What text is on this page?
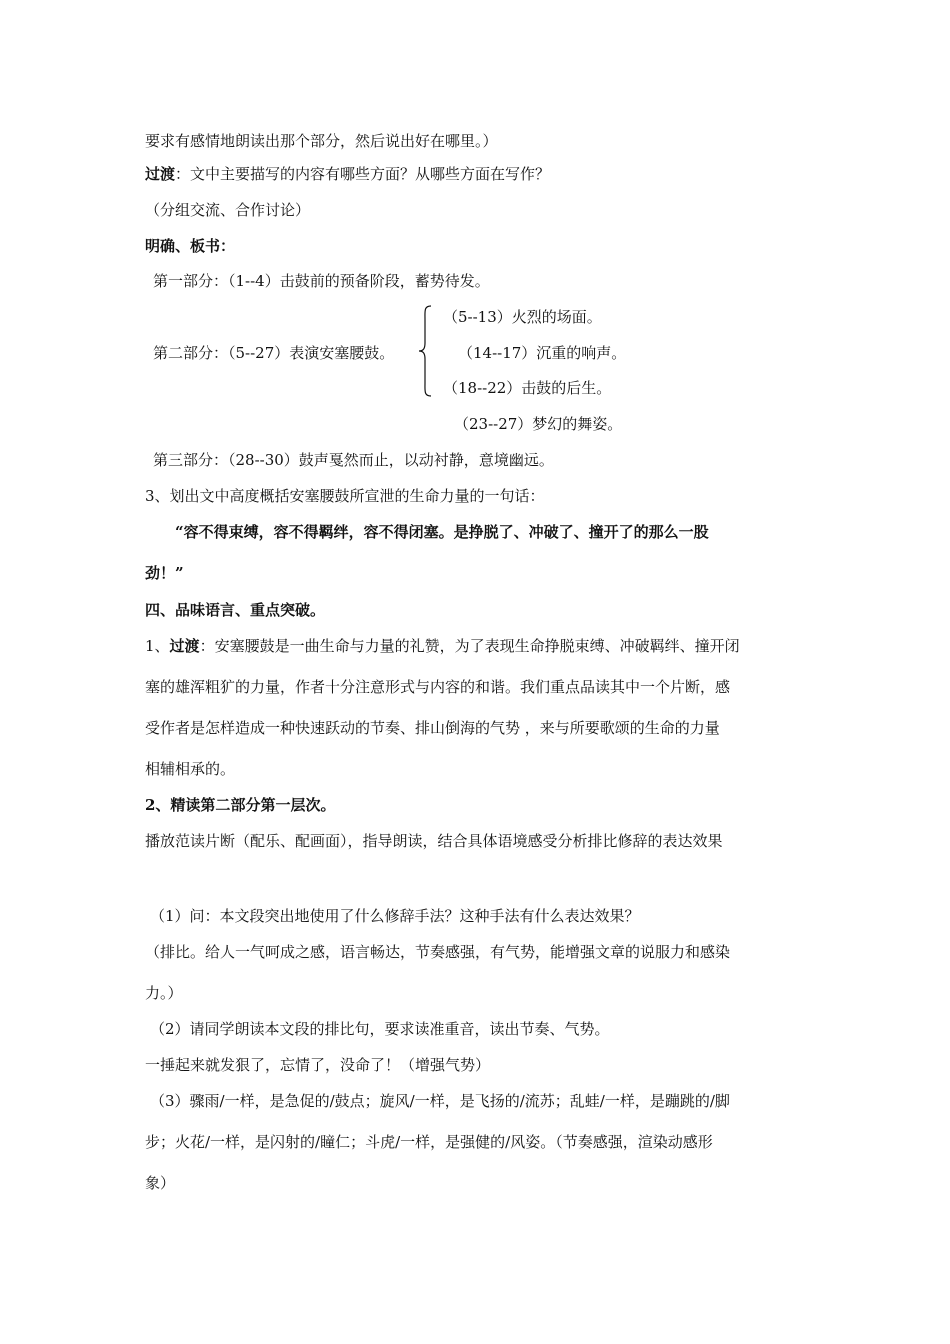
要求有感情地朗读出那个部分，然后说出好在哪里。）
过渡：文中主要描写的内容有哪些方面？从哪些方面在写作？
（分组交流、合作讨论）
明确、板书：
第一部分：（1--4）击鼓前的预备阶段，蓄势待发。
（5--13）火烈的场面。
第二部分：（5--27）表演安塞腰鼓。	（14--17）沉重的响声。
（18--22）击鼓的后生。
（23--27）梦幻的舞姿。
第三部分：（28--30）鼓声戛然而止，以动衬静，意境幽远。
3、划出文中高度概括安塞腰鼓所宣泄的生命力量的一句话：
“容不得束缚，容不得羁绊，容不得闭塞。是挣脱了、冲破了、撞开了的那么一股
劲！”
四、品味语言、重点突破。
1、过渡：安塞腰鼓是一曲生命与力量的礼赞，为了表现生命挣脱束缚、冲破羁绊、撞开闭
塞的雄浑粗犷的力量，作者十分注意形式与内容的和谐。我们重点品读其中一个片断，感
受作者是怎样造成一种快速跃动的节奏、排山倒海的气势 ，来与所要歌颂的生命的力量
相辅相承的。
2、精读第二部分第一层次。
播放范读片断（配乐、配画面），指导朗读，结合具体语境感受分析排比修辞的表达效果
（1）问：本文段突出地使用了什么修辞手法？这种手法有什么表达效果？
（排比。给人一气呵成之感，语言畅达，节奏感强，有气势，能增强文章的说服力和感染
力。）
（2）请同学朗读本文段的排比句，要求读准重音，读出节奏、气势。
一捶起来就发狠了，忘情了，没命了！（增强气势）
（3）骤雨/一样，是急促的/鼓点；旋风/一样，是飞扬的/流苏；乱蛙/一样，是蹦跳的/脚
步；火花/一样，是闪射的/瞳仁；斗虎/一样，是强健的/风姿。（节奏感强，渲染动感形
象）
